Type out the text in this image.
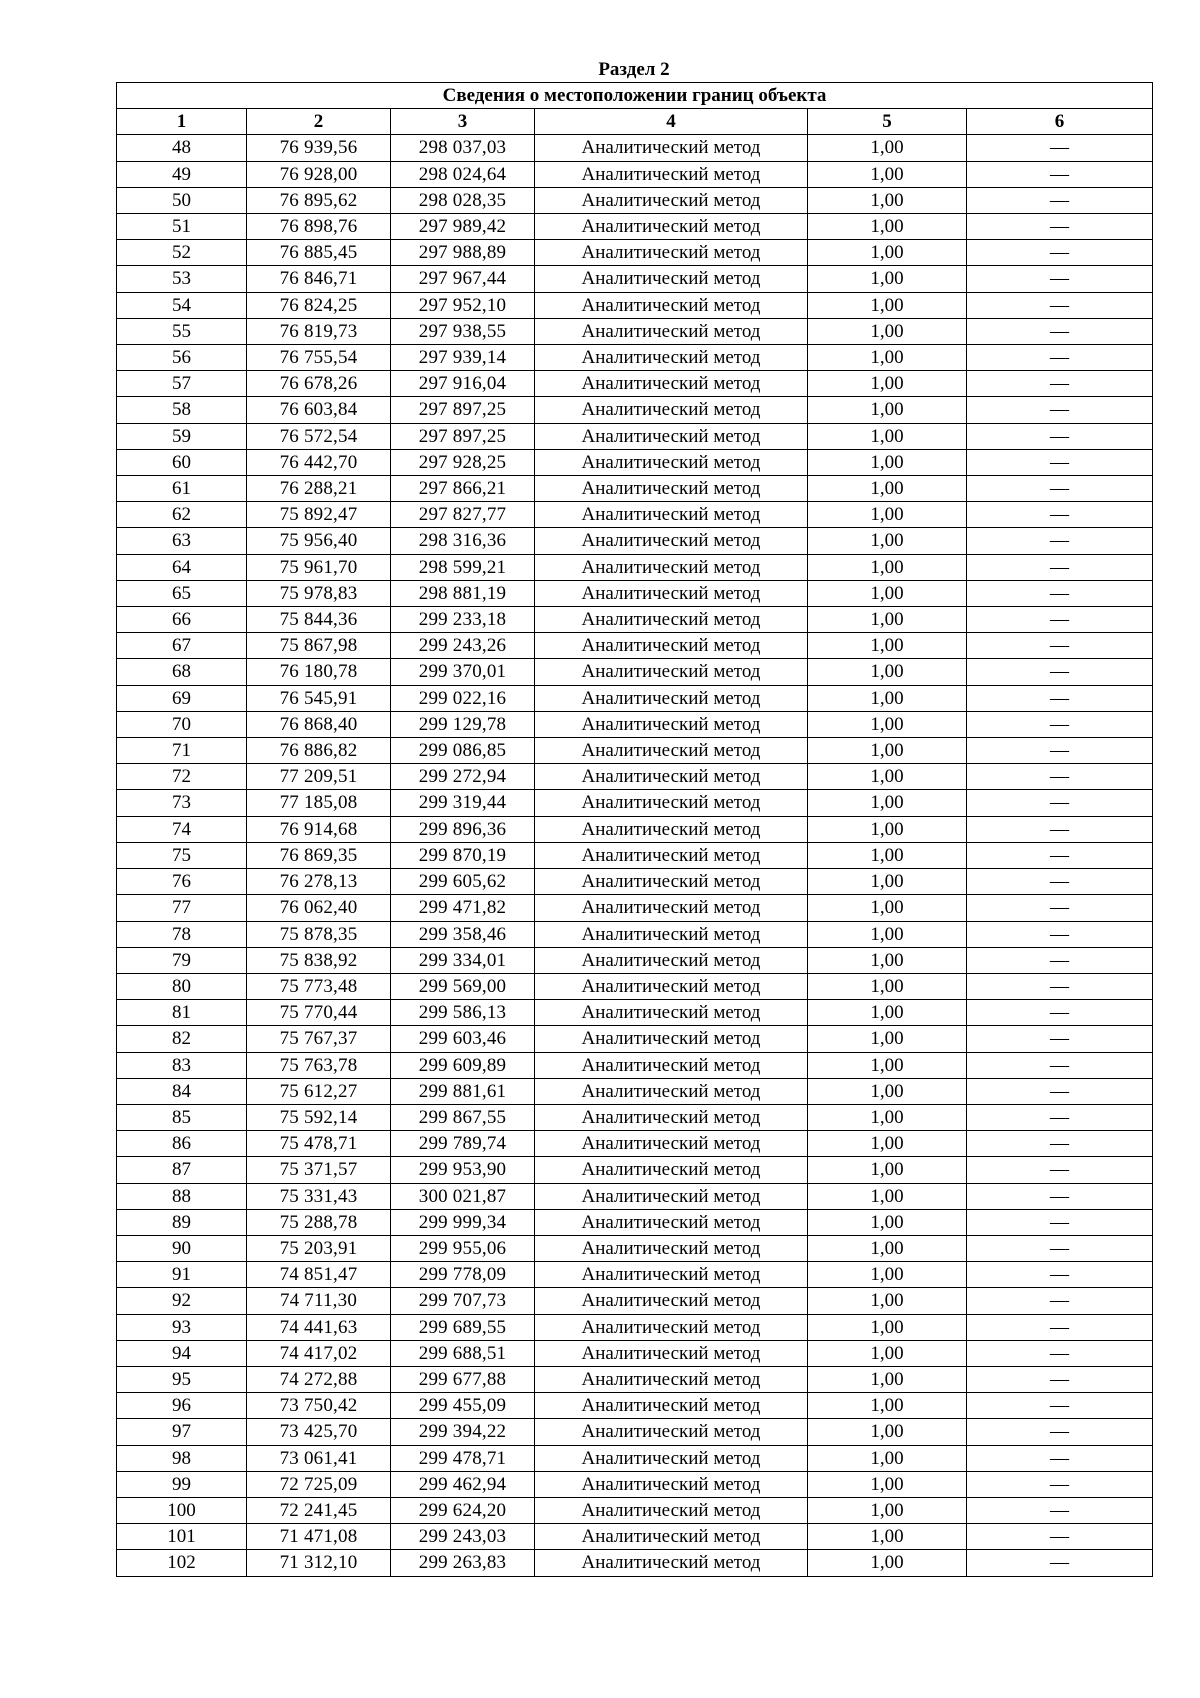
Раздел 2
Сведения о местоположении границ объекта					
1	2	3	4	5	6
48	76 939,56	298 037,03	Аналитический метод	1,00	—
49	76 928,00	298 024,64	Аналитический метод	1,00	—
50	76 895,62	298 028,35	Аналитический метод	1,00	—
51	76 898,76	297 989,42	Аналитический метод	1,00	—
52	76 885,45	297 988,89	Аналитический метод	1,00	—
53	76 846,71	297 967,44	Аналитический метод	1,00	—
54	76 824,25	297 952,10	Аналитический метод	1,00	—
55	76 819,73	297 938,55	Аналитический метод	1,00	—
56	76 755,54	297 939,14	Аналитический метод	1,00	—
57	76 678,26	297 916,04	Аналитический метод	1,00	—
58	76 603,84	297 897,25	Аналитический метод	1,00	—
59	76 572,54	297 897,25	Аналитический метод	1,00	—
60	76 442,70	297 928,25	Аналитический метод	1,00	—
61	76 288,21	297 866,21	Аналитический метод	1,00	—
62	75 892,47	297 827,77	Аналитический метод	1,00	—
63	75 956,40	298 316,36	Аналитический метод	1,00	—
64	75 961,70	298 599,21	Аналитический метод	1,00	—
65	75 978,83	298 881,19	Аналитический метод	1,00	—
66	75 844,36	299 233,18	Аналитический метод	1,00	—
67	75 867,98	299 243,26	Аналитический метод	1,00	—
68	76 180,78	299 370,01	Аналитический метод	1,00	—
69	76 545,91	299 022,16	Аналитический метод	1,00	—
70	76 868,40	299 129,78	Аналитический метод	1,00	—
71	76 886,82	299 086,85	Аналитический метод	1,00	—
72	77 209,51	299 272,94	Аналитический метод	1,00	—
73	77 185,08	299 319,44	Аналитический метод	1,00	—
74	76 914,68	299 896,36	Аналитический метод	1,00	—
75	76 869,35	299 870,19	Аналитический метод	1,00	—
76	76 278,13	299 605,62	Аналитический метод	1,00	—
77	76 062,40	299 471,82	Аналитический метод	1,00	—
78	75 878,35	299 358,46	Аналитический метод	1,00	—
79	75 838,92	299 334,01	Аналитический метод	1,00	—
80	75 773,48	299 569,00	Аналитический метод	1,00	—
81	75 770,44	299 586,13	Аналитический метод	1,00	—
82	75 767,37	299 603,46	Аналитический метод	1,00	—
83	75 763,78	299 609,89	Аналитический метод	1,00	—
84	75 612,27	299 881,61	Аналитический метод	1,00	—
85	75 592,14	299 867,55	Аналитический метод	1,00	—
86	75 478,71	299 789,74	Аналитический метод	1,00	—
87	75 371,57	299 953,90	Аналитический метод	1,00	—
88	75 331,43	300 021,87	Аналитический метод	1,00	—
89	75 288,78	299 999,34	Аналитический метод	1,00	—
90	75 203,91	299 955,06	Аналитический метод	1,00	—
91	74 851,47	299 778,09	Аналитический метод	1,00	—
92	74 711,30	299 707,73	Аналитический метод	1,00	—
93	74 441,63	299 689,55	Аналитический метод	1,00	—
94	74 417,02	299 688,51	Аналитический метод	1,00	—
95	74 272,88	299 677,88	Аналитический метод	1,00	—
96	73 750,42	299 455,09	Аналитический метод	1,00	—
97	73 425,70	299 394,22	Аналитический метод	1,00	—
98	73 061,41	299 478,71	Аналитический метод	1,00	—
99	72 725,09	299 462,94	Аналитический метод	1,00	—
100	72 241,45	299 624,20	Аналитический метод	1,00	—
101	71 471,08	299 243,03	Аналитический метод	1,00	—
102	71 312,10	299 263,83	Аналитический метод	1,00	—
